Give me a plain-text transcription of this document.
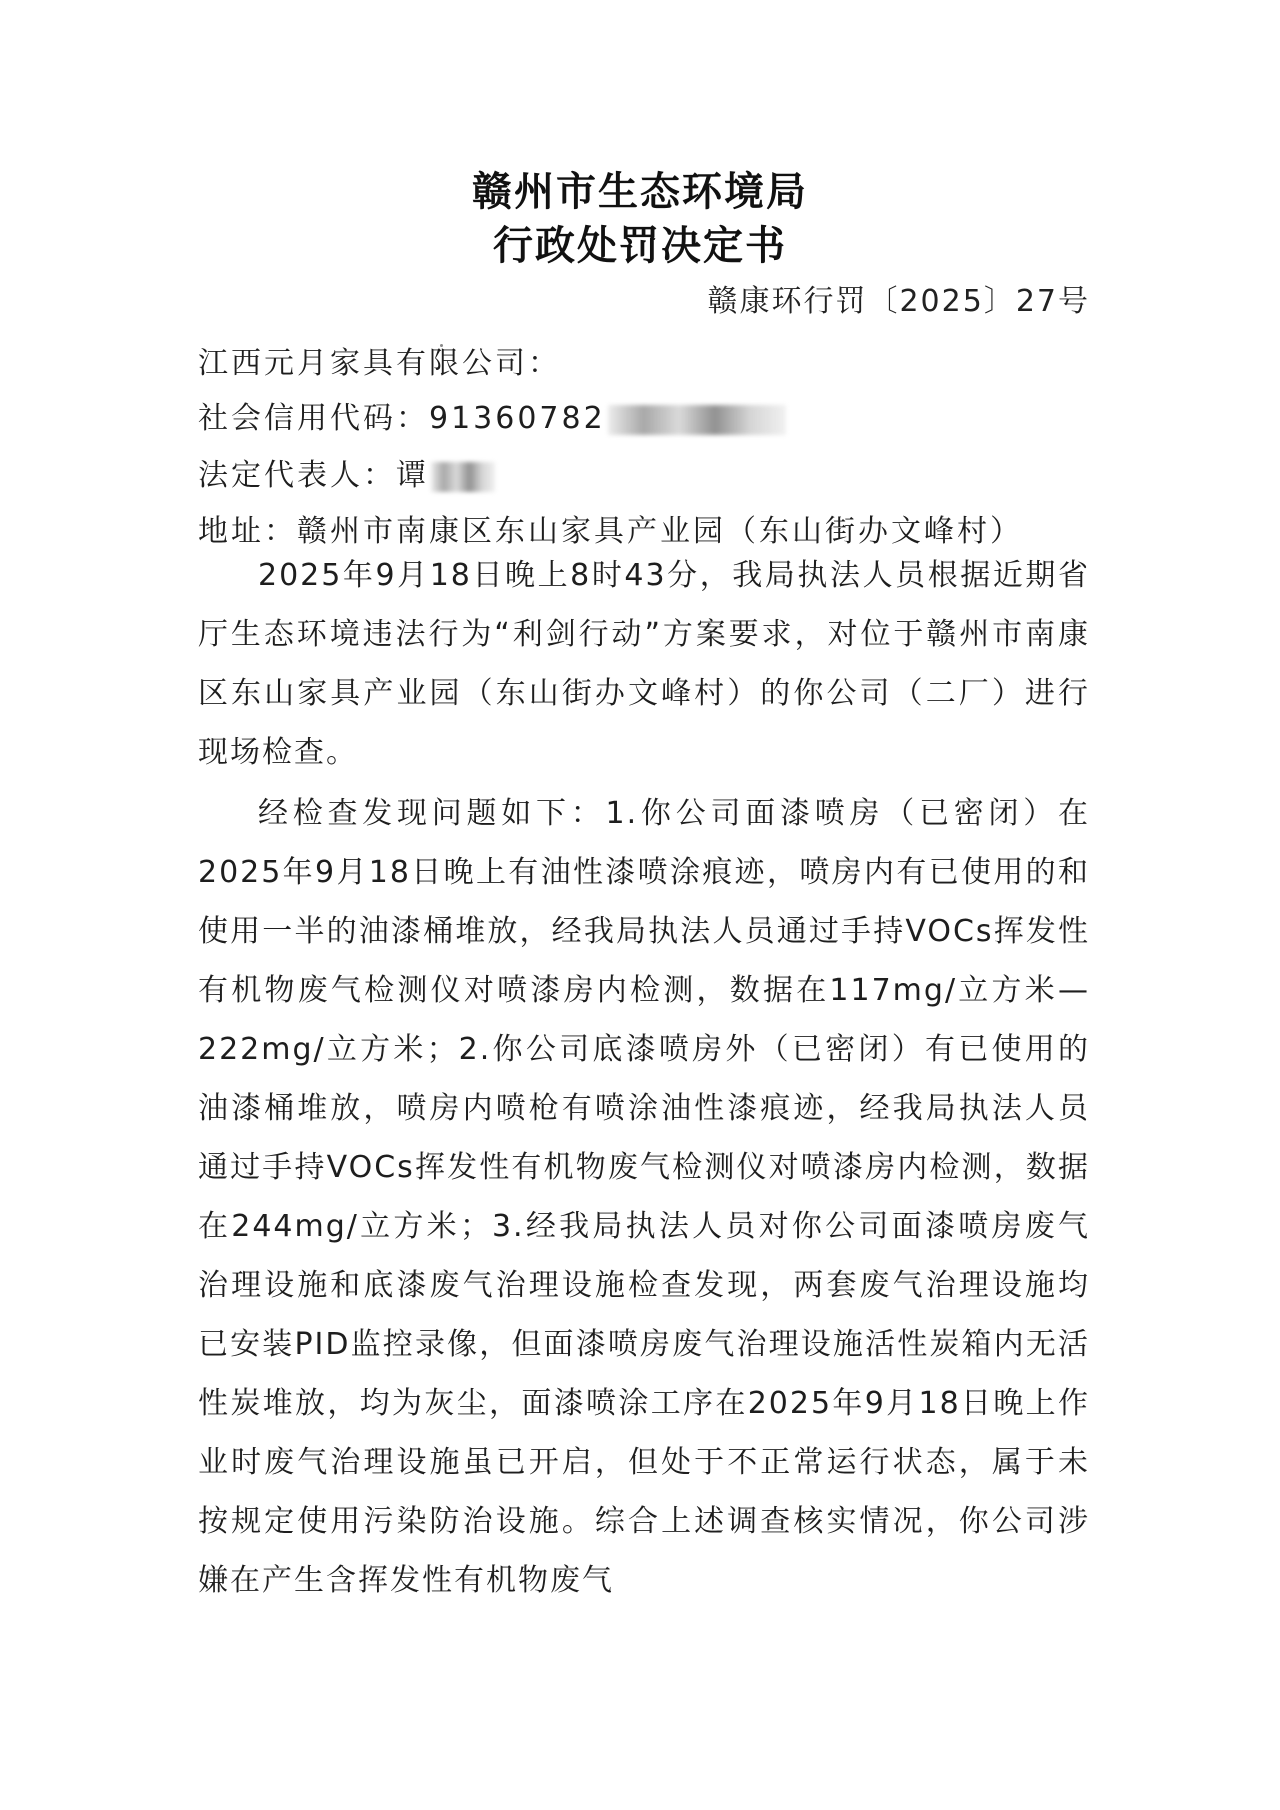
赣州市生态环境局
行政处罚决定书
赣康环行罚〔2025〕27号
江西元月家具有限公司：
社会信用代码：91360782
法定代表人：谭
地址：赣州市南康区东山家具产业园（东山街办文峰村）
2025年9月18日晚上8时43分，我局执法人员根据近期省厅生态环境违法行为“利剑行动”方案要求，对位于赣州市南康区东山家具产业园（东山街办文峰村）的你公司（二厂）进行现场检查。
经检查发现问题如下：1.你公司面漆喷房（已密闭）在2025年9月18日晚上有油性漆喷涂痕迹，喷房内有已使用的和使用一半的油漆桶堆放，经我局执法人员通过手持VOCs挥发性有机物废气检测仪对喷漆房内检测，数据在117mg/立方米—222mg/立方米；2.你公司底漆喷房外（已密闭）有已使用的油漆桶堆放，喷房内喷枪有喷涂油性漆痕迹，经我局执法人员通过手持VOCs挥发性有机物废气检测仪对喷漆房内检测，数据在244mg/立方米；3.经我局执法人员对你公司面漆喷房废气治理设施和底漆废气治理设施检查发现，两套废气治理设施均已安装PID监控录像，但面漆喷房废气治理设施活性炭箱内无活性炭堆放，均为灰尘，面漆喷涂工序在2025年9月18日晚上作业时废气治理设施虽已开启，但处于不正常运行状态，属于未按规定使用污染防治设施。综合上述调查核实情况，你公司涉嫌在产生含挥发性有机物废气
